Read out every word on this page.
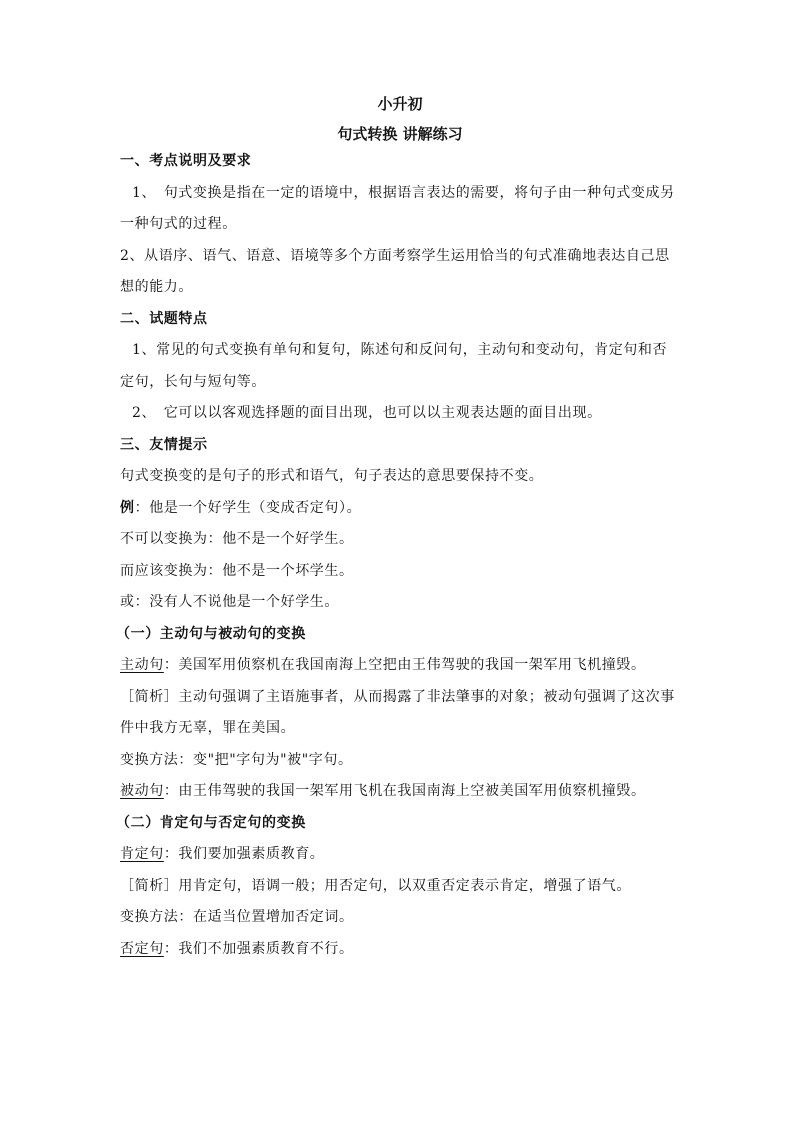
小升初
句式转换 讲解练习

一、考点说明及要求

1、　句式变换是指在一定的语境中，根据语言表达的需要，将句子由一种句式变成另一种句式的过程。

2、从语序、语气、语意、语境等多个方面考察学生运用恰当的句式准确地表达自己思想的能力。

二、试题特点

1、常见的句式变换有单句和复句，陈述句和反问句，主动句和变动句，肯定句和否定句，长句与短句等。

2、　它可以以客观选择题的面目出现，也可以以主观表达题的面目出现。

三、友情提示

句式变换变的是句子的形式和语气，句子表达的意思要保持不变。

例：他是一个好学生（变成否定句）。

不可以变换为：他不是一个好学生。

而应该变换为：他不是一个坏学生。

或：没有人不说他是一个好学生。

（一）主动句与被动句的变换

主动句：美国军用侦察机在我国南海上空把由王伟驾驶的我国一架军用飞机撞毁。

［简析］主动句强调了主语施事者，从而揭露了非法肇事的对象；被动句强调了这次事件中我方无辜，罪在美国。

变换方法：变"把"字句为"被"字句。

被动句：由王伟驾驶的我国一架军用飞机在我国南海上空被美国军用侦察机撞毁。

（二）肯定句与否定句的变换

肯定句：我们要加强素质教育。

［简析］用肯定句，语调一般；用否定句，以双重否定表示肯定，增强了语气。

变换方法：在适当位置增加否定词。

否定句：我们不加强素质教育不行。
